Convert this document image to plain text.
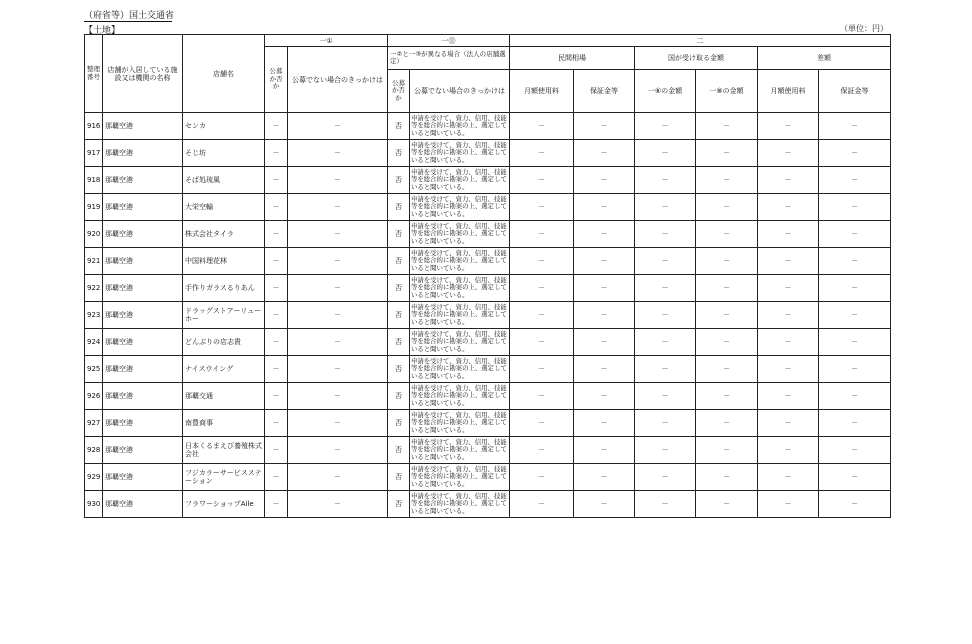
（府省等）国土交通省
【土地】	（単位：円）
整理番号	店舗が入居している施設又は機関の名称	店舗名	一①		一⑪		二					
			公募か否か	公募でない場合のきっかけは	一②と一③が異なる場合（法人の店舗選定）		民間相場		国が受け取る金額		差額	
					公募か否か	公募でない場合のきっかけは	月額使用料	保証金等	一⑥の金額	一⑧の金額	月額使用料	保証金等
916	那覇空港	センカ	－	－	否	申請を受けて、資力、信用、技能等を総合的に勘案の上、選定していると聞いている。	－	－	－	－	－	－
917	那覇空港	そじ坊	－	－	否	申請を受けて、資力、信用、技能等を総合的に勘案の上、選定していると聞いている。	－	－	－	－	－	－
918	那覇空港	そば処琉風	－	－	否	申請を受けて、資力、信用、技能等を総合的に勘案の上、選定していると聞いている。	－	－	－	－	－	－
919	那覇空港	大栄空輸	－	－	否	申請を受けて、資力、信用、技能等を総合的に勘案の上、選定していると聞いている。	－	－	－	－	－	－
920	那覇空港	株式会社タイラ	－	－	否	申請を受けて、資力、信用、技能等を総合的に勘案の上、選定していると聞いている。	－	－	－	－	－	－
921	那覇空港	中国料理花林	－	－	否	申請を受けて、資力、信用、技能等を総合的に勘案の上、選定していると聞いている。	－	－	－	－	－	－
922	那覇空港	手作りガラスるりあん	－	－	否	申請を受けて、資力、信用、技能等を総合的に勘案の上、選定していると聞いている。	－	－	－	－	－	－
923	那覇空港	ドラッグストアーリューホー	－	－	否	申請を受けて、資力、信用、技能等を総合的に勘案の上、選定していると聞いている。	－	－	－	－	－	－
924	那覇空港	どんぶりの店志貴	－	－	否	申請を受けて、資力、信用、技能等を総合的に勘案の上、選定していると聞いている。	－	－	－	－	－	－
925	那覇空港	ナイスウイング	－	－	否	申請を受けて、資力、信用、技能等を総合的に勘案の上、選定していると聞いている。	－	－	－	－	－	－
926	那覇空港	那覇交通	－	－	否	申請を受けて、資力、信用、技能等を総合的に勘案の上、選定していると聞いている。	－	－	－	－	－	－
927	那覇空港	南豊商事	－	－	否	申請を受けて、資力、信用、技能等を総合的に勘案の上、選定していると聞いている。	－	－	－	－	－	－
928	那覇空港	日本くるまえび養殖株式会社	－	－	否	申請を受けて、資力、信用、技能等を総合的に勘案の上、選定していると聞いている。	－	－	－	－	－	－
929	那覇空港	フジカラーサービスステーション	－	－	否	申請を受けて、資力、信用、技能等を総合的に勘案の上、選定していると聞いている。	－	－	－	－	－	－
930	那覇空港	フラワーショップAile	－	－	否	申請を受けて、資力、信用、技能等を総合的に勘案の上、選定していると聞いている。	－	－	－	－	－	－
